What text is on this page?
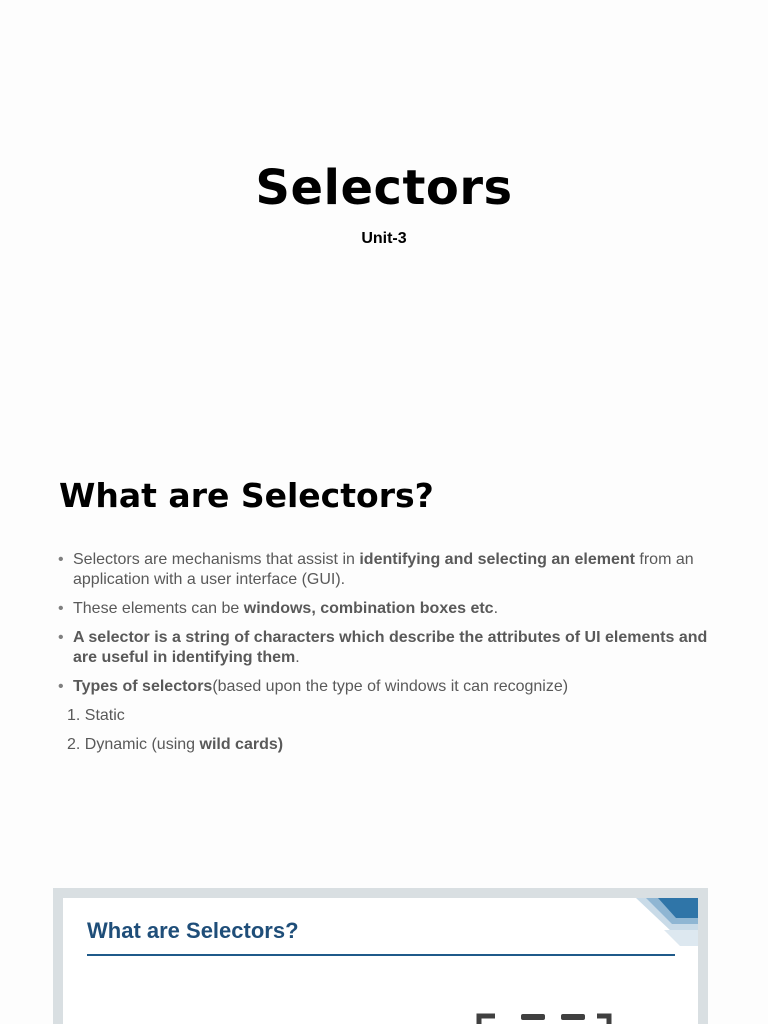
Selectors
Unit-3
What are Selectors?
• Selectors are mechanisms that assist in identifying and selecting an element from an application with a user interface (GUI).
• These elements can be windows, combination boxes etc.
• A selector is a string of characters which describe the attributes of UI elements and are useful in identifying them.
• Types of selectors(based upon the type of windows it can recognize)
1. Static
2. Dynamic (using wild cards)
What are Selectors?
